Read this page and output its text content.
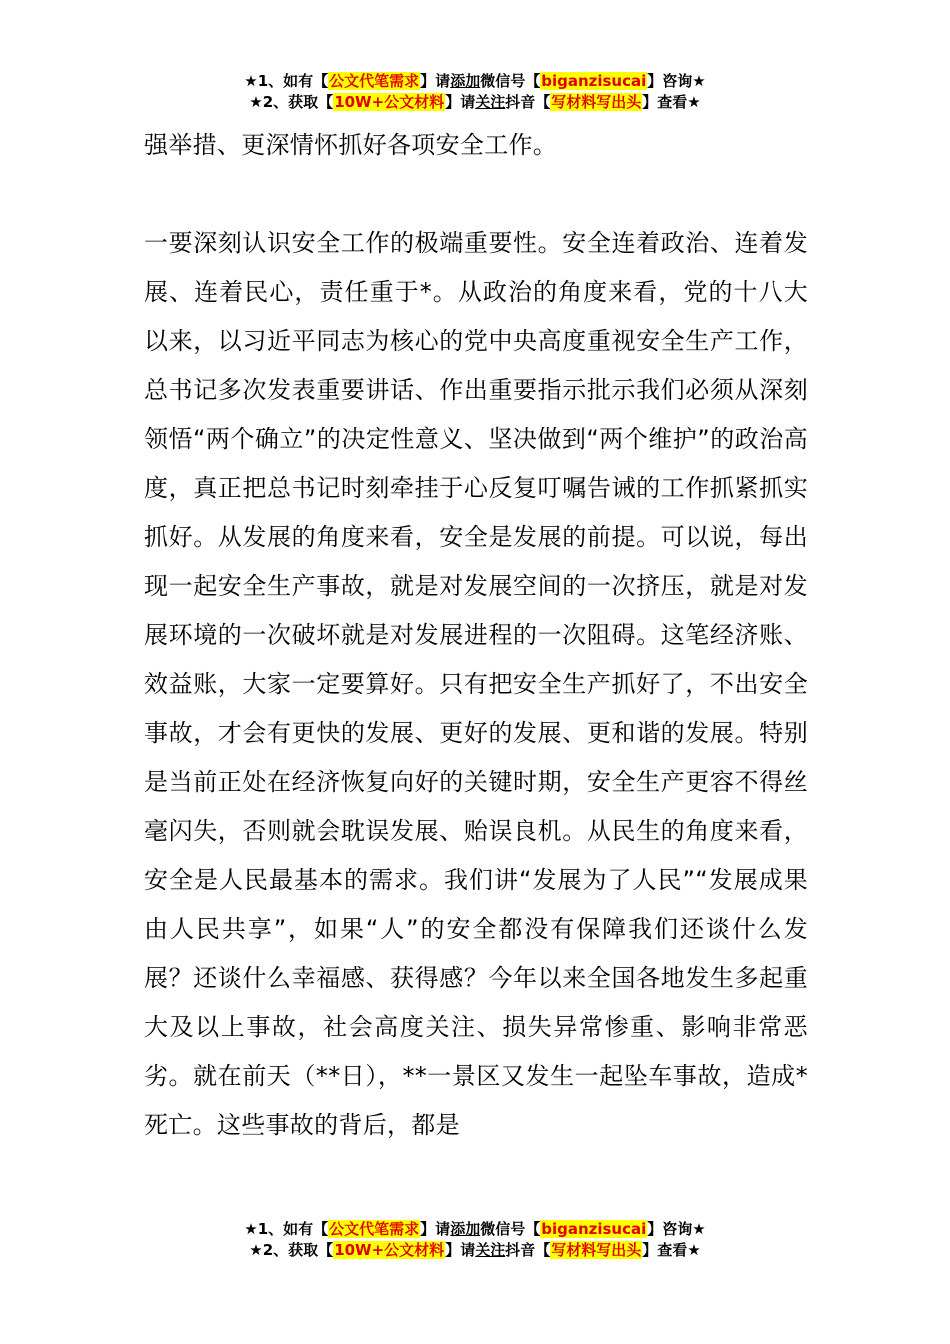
★1、如有【公文代笔需求】请添加微信号【biganzisucai】咨询★
★2、获取【10W+公文材料】请关注抖音【写材料写出头】查看★

强举措、更深情怀抓好各项安全工作。

一要深刻认识安全工作的极端重要性。安全连着政治、连着发展、连着民心，责任重于*。从政治的角度来看，党的十八大以来，以习近平同志为核心的党中央高度重视安全生产工作，总书记多次发表重要讲话、作出重要指示批示我们必须从深刻领悟“两个确立”的决定性意义、坚决做到“两个维护”的政治高度，真正把总书记时刻牵挂于心反复叮嘱告诫的工作抓紧抓实抓好。从发展的角度来看，安全是发展的前提。可以说，每出现一起安全生产事故，就是对发展空间的一次挤压，就是对发展环境的一次破坏就是对发展进程的一次阻碍。这笔经济账、效益账，大家一定要算好。只有把安全生产抓好了，不出安全事故，才会有更快的发展、更好的发展、更和谐的发展。特别是当前正处在经济恢复向好的关键时期，安全生产更容不得丝毫闪失，否则就会耽误发展、贻误良机。从民生的角度来看，安全是人民最基本的需求。我们讲“发展为了人民”“发展成果由人民共享”，如果“人”的安全都没有保障我们还谈什么发展？还谈什么幸福感、获得感？今年以来全国各地发生多起重大及以上事故，社会高度关注、损失异常惨重、影响非常恶劣。就在前天（**日），**一景区又发生一起坠车事故，造成*死亡。这些事故的背后，都是

★1、如有【公文代笔需求】请添加微信号【biganzisucai】咨询★
★2、获取【10W+公文材料】请关注抖音【写材料写出头】查看★
